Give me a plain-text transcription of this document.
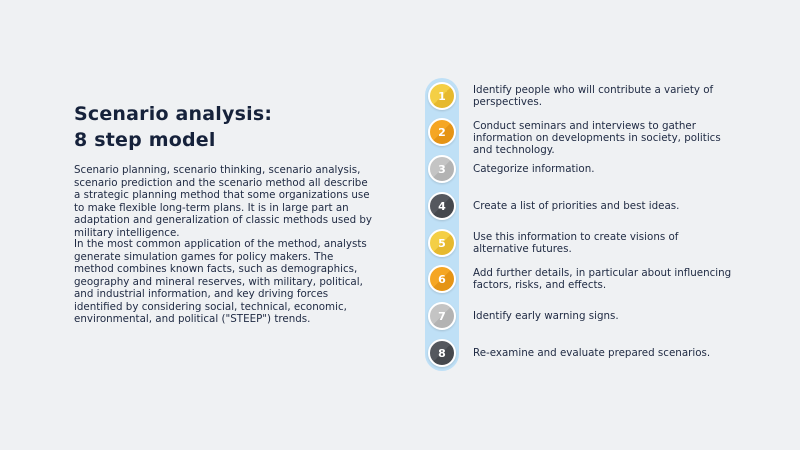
Scenario analysis:
8 step model

Scenario planning, scenario thinking, scenario analysis, scenario prediction and the scenario method all describe a strategic planning method that some organizations use to make flexible long-term plans. It is in large part an adaptation and generalization of classic methods used by military intelligence.

In the most common application of the method, analysts generate simulation games for policy makers. The method combines known facts, such as demographics, geography and mineral reserves, with military, political, and industrial information, and key driving forces identified by considering social, technical, economic, environmental, and political ("STEEP") trends.

1	Identify people who will contribute a variety of perspectives.
2	Conduct seminars and interviews to gather information on developments in society, politics and technology.
3	Categorize information.
4	Create a list of priorities and best ideas.
5	Use this information to create visions of alternative futures.
6	Add further details, in particular about influencing factors, risks, and effects.
7	Identify early warning signs.
8	Re-examine and evaluate prepared scenarios.
